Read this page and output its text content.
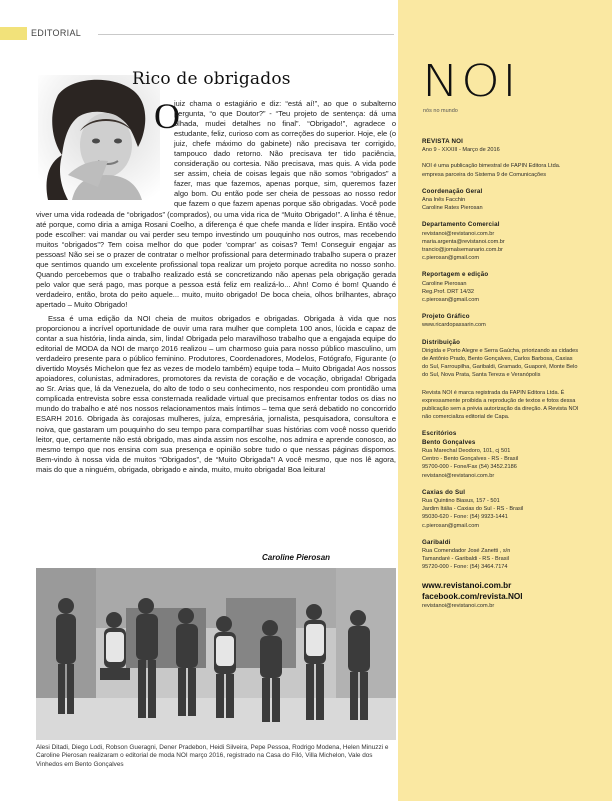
EDITORIAL
Rico de obrigados
O

juiz chama o estagiário e diz: “está aí!”, ao que o subalterno pergunta, “o que Doutor?” - “Teu projeto de sentença: dá uma olhada, mudei detalhes no final”. “Obrigado!”, agradece o estudante, feliz, curioso com as correções do superior. Hoje, ele (o juiz, chefe máximo do gabinete) não precisava ter corrigido, tampouco dado retorno. Não precisava ter tido paciência, consideração ou cortesia. Não precisava, mas quis. A vida pode ser assim, cheia de coisas legais que não somos “obrigados” a fazer, mas que fazemos, apenas porque, sim, queremos fazer algo bom. Ou então pode ser cheia de pessoas ao nosso redor que fazem o que fazem apenas porque são obrigadas. Você pode viver uma vida rodeada de “obrigados” (comprados), ou uma vida rica de “Muito Obrigado!”. A linha é tênue, até porque, como diria a amiga Rosani Coelho, a diferença é que chefe manda e líder inspira. Então você pode escolher: vai mandar ou vai perder seu tempo investindo um pouquinho nos outros, mas recebendo muitos “obrigados”? Tem coisa melhor do que poder ‘comprar’ as coisas? Tem! Conseguir engajar as pessoas! Não sei se o prazer de contratar o melhor profissional para determinado trabalho supera o prazer que sentimos quando um excelente profissional topa realizar um projeto porque acredita no nosso sonho. Quando percebemos que o trabalho realizado está se concretizando não apenas pela obrigação gerada pelo valor que será pago, mas porque a pessoa está feliz em realizá-lo... Ahn! Como é bom! Quando é verdadeiro, então, brota do peito aquele... muito, muito obrigado! De boca cheia, olhos brilhantes, abraço apertado – Muito Obrigado!

Essa é uma edição da NOI cheia de muitos obrigados e obrigadas. Obrigada à vida que nos proporcionou a incrível oportunidade de ouvir uma rara mulher que completa 100 anos, lúcida e capaz de contar a sua história, linda ainda, sim, linda! Obrigada pelo maravilhoso trabalho que a engajada equipe do editorial de MODA da NOI de março 2016 realizou – um charmoso guia para nosso público masculino, um verdadeiro presente para o público feminino. Produtores, Coordenadores, Modelos, Fotógrafo, Figurante (o divertido Moysés Michelon que fez as vezes de modelo também) equipe toda – Muito Obrigada! Aos nossos apoiadores, colunistas, admiradores, promotores da revista de coração e de vocação, obrigada! Obrigada ao Sr. Arias que, lá da Venezuela, do alto de todo o seu conhecimento, nos respondeu com prontidão uma complicada entrevista sobre essa consternada realidade virtual que precisamos enfrentar todos os dias no mundo do trabalho e até nos nossos relacionamentos mais íntimos – tema que será debatido no concorrido ESARH 2016. Obrigada às corajosas mulheres, juíza, empresária, jornalista, pesquisadora, consultora e noiva, que gastaram um pouquinho do seu tempo para compartilhar suas histórias com você nosso querido leitor, que, certamente não está obrigado, mas ainda assim nos escolhe, nos admira e aprende conosco, ao mesmo tempo que nos ensina com sua presença e opinião sobre tudo o que nessas páginas dispomos. Bem-vindo à nossa vida de muitos “Obrigados”, de “Muito Obrigada”! A você mesmo, que nos lê agora, mais do que a ninguém, obrigada, obrigado e ainda, muito, muito obrigada! Boa leitura!

Caroline Pierosan
Alesi Ditadi, Diego Lodi, Robson Gueragni, Dener Pradebon, Heidi Silveira, Pepe Pessoa, Rodrigo Modena, Helen Minuzzi e Caroline Pierosan realizaram o editorial de moda NOI março 2016, registrado na Casa do Filó, Villa Michelon, Vale dos Vinhedos em Bento Gonçalves
NOI
nós no mundo

REVISTA NOI

Ano 9 - XXXIII - Março de 2016

NOI é uma publicação bimestral de FAPIN Editora Ltda. empresa parceira do Sistema 9 de Comunicações

Coordenação Geral

Ana Inês Facchin

Caroline Rates Pierosan

Departamento Comercial

revistanoi@revistanoi.com.br

maria.argenta@revistanoi.com.br

trancio@jornalsemanario.com.br

c.pierosan@gmail.com

Reportagem e edição

Caroline Pierosan

Reg.Prof. DRT 14/32

c.pierosan@gmail.com

Projeto Gráfico

www.ricardopassarin.com

Distribuição

Dirigida e Porto Alegre e Serra Gaúcha, priorizando as cidades de Antônio Prado, Bento Gonçalves, Carlos Barbosa, Caxias do Sul, Farroupilha, Garibaldi, Gramado, Guaporé, Monte Belo do Sul, Nova Prata, Santa Tereza e Veranópolis

Revista NOI é marca registrada da FAPIN Editora Ltda. É expressamente proibida a reprodução de textos e fotos dessa publicação sem a prévia autorização da direção. A Revista NOI não comercializa editorial de Capa.

Escritórios

Bento Gonçalves

Rua Marechal Deodoro, 101, cj 501

Centro - Bento Gonçalves - RS - Brasil

95700-000 - Fone/Fax (54) 3452.2186

revistanoi@revistanoi.com.br

Caxias do Sul

Rua Quintino Biasus, 157 - 501

Jardim Itália - Caxias do Sul - RS - Brasil

95030-620 - Fone: (54) 9923-1441

c.pierosan@gmail.com

Garibaldi

Rua Comendador José Zanetti , s/n

Tamandaré - Garibaldi - RS - Brasil

95720-000 - Fone: (54) 3464.7174

www.revistanoi.com.br

facebook.com/revista.NOI

revistanoi@revistanoi.com.br
